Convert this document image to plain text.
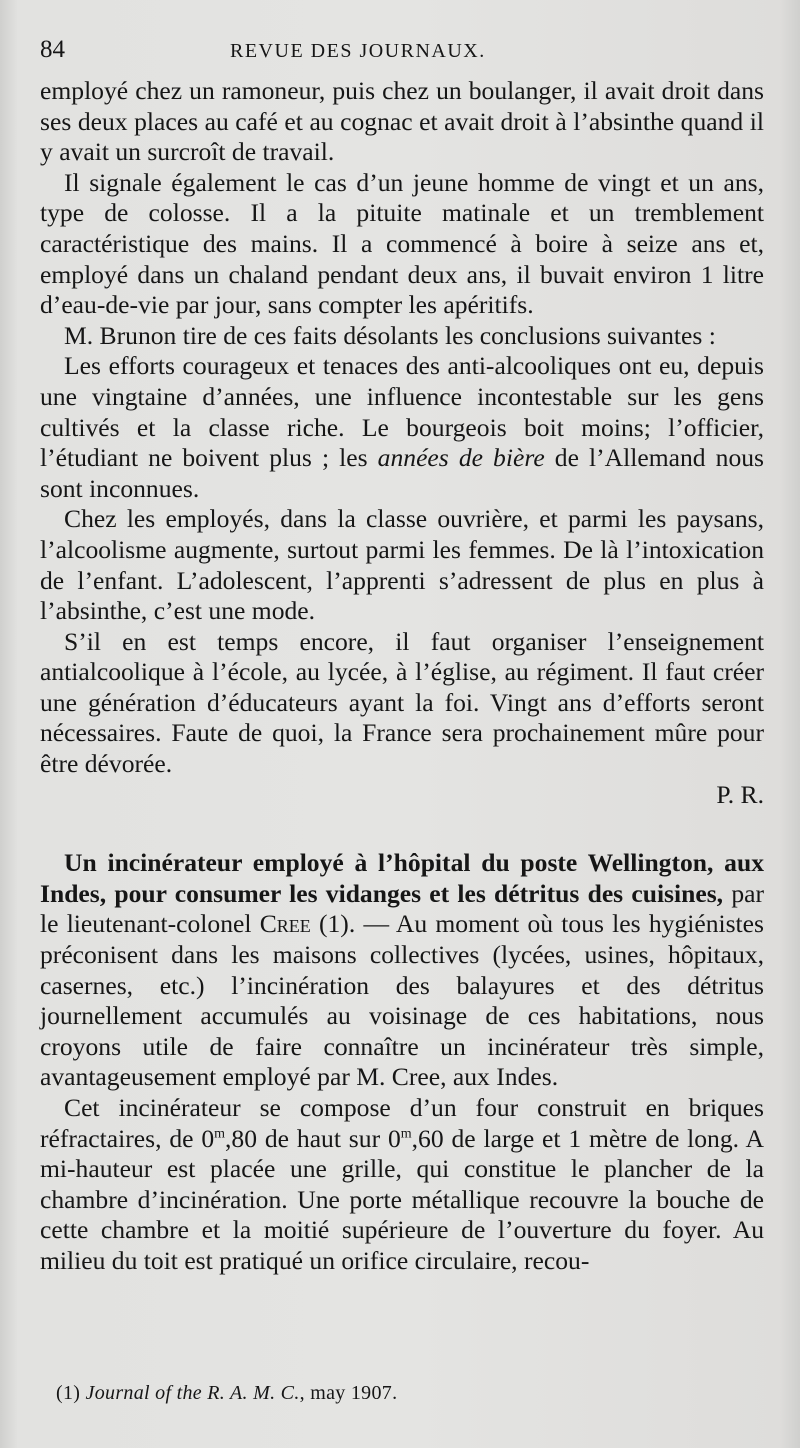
84	REVUE DES JOURNAUX.

employé chez un ramoneur, puis chez un boulanger, il avait droit dans ses deux places au café et au cognac et avait droit à l’absinthe quand il y avait un surcroît de travail.

Il signale également le cas d’un jeune homme de vingt et un ans, type de colosse. Il a la pituite matinale et un tremblement caractéristique des mains. Il a commencé à boire à seize ans et, employé dans un chaland pendant deux ans, il buvait environ 1 litre d’eau-de-vie par jour, sans compter les apéritifs.

M. Brunon tire de ces faits désolants les conclusions suivantes :

Les efforts courageux et tenaces des anti-alcooliques ont eu, depuis une vingtaine d’années, une influence incontestable sur les gens cultivés et la classe riche. Le bourgeois boit moins; l’officier, l’étudiant ne boivent plus ; les années de bière de l’Allemand nous sont inconnues.

Chez les employés, dans la classe ouvrière, et parmi les paysans, l’alcoolisme augmente, surtout parmi les femmes. De là l’intoxication de l’enfant. L’adolescent, l’apprenti s’adressent de plus en plus à l’absinthe, c’est une mode.

S’il en est temps encore, il faut organiser l’enseignement antialcoolique à l’école, au lycée, à l’église, au régiment. Il faut créer une génération d’éducateurs ayant la foi. Vingt ans d’efforts seront nécessaires. Faute de quoi, la France sera prochainement mûre pour être dévorée.

P. R.

Un incinérateur employé à l’hôpital du poste Wellington, aux Indes, pour consumer les vidanges et les détritus des cuisines, par le lieutenant-colonel Cree (1). — Au moment où tous les hygiénistes préconisent dans les maisons collectives (lycées, usines, hôpitaux, casernes, etc.) l’incinération des balayures et des détritus journellement accumulés au voisinage de ces habitations, nous croyons utile de faire connaître un incinérateur très simple, avantageusement employé par M. Cree, aux Indes.

Cet incinérateur se compose d’un four construit en briques réfractaires, de 0$^m$,80 de haut sur 0$^m$,60 de large et 1 mètre de long. A mi-hauteur est placée une grille, qui constitue le plancher de la chambre d’incinération. Une porte métallique recouvre la bouche de cette chambre et la moitié supérieure de l’ouverture du foyer. Au milieu du toit est pratiqué un orifice circulaire, recou-

(1) Journal of the R. A. M. C., may 1907.
